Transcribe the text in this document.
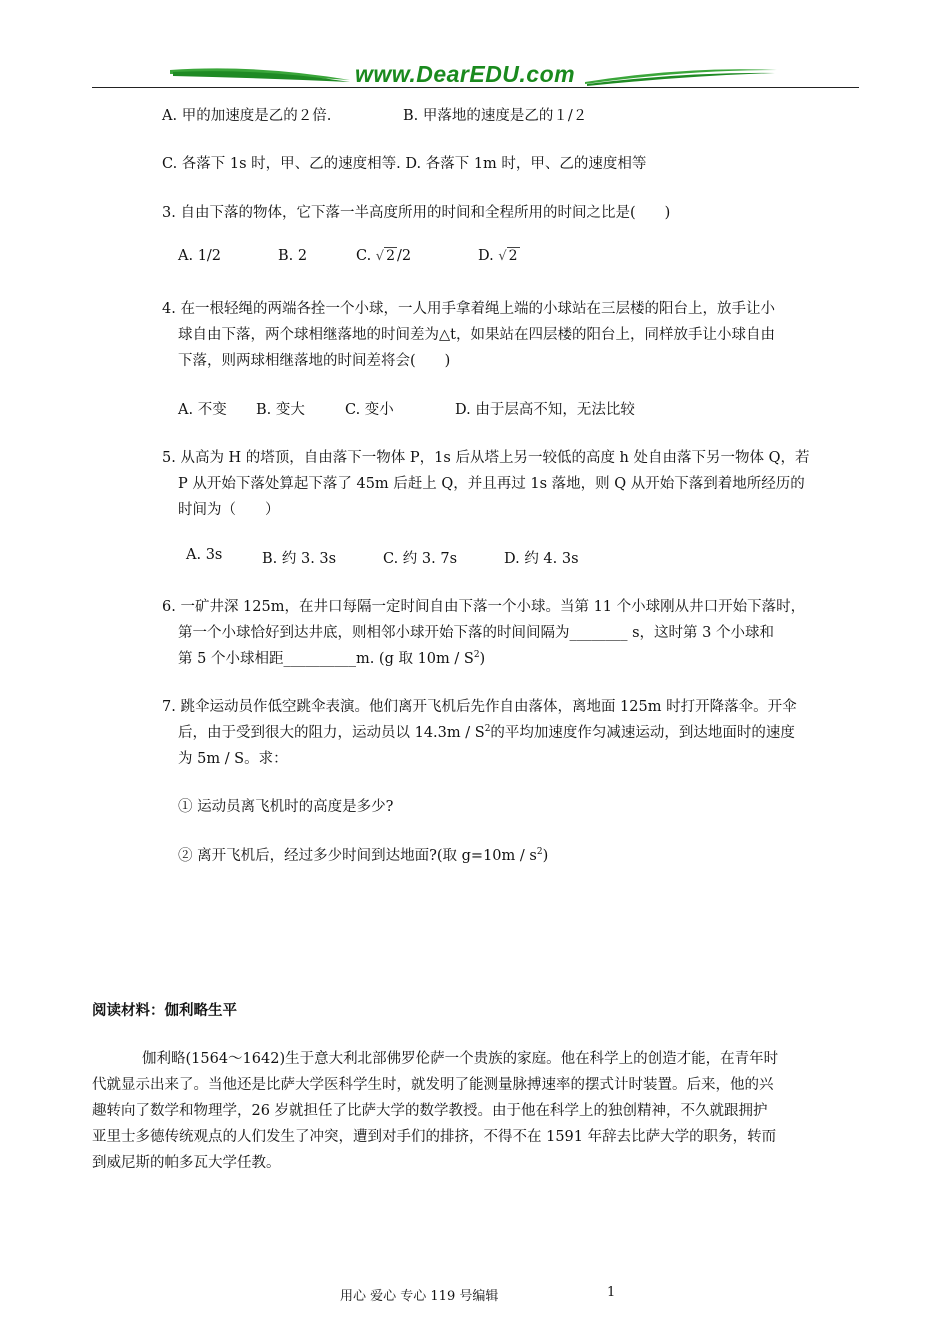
www.DearEDU.com
A. 甲的加速度是乙的２倍.	B. 甲落地的速度是乙的１/２
C. 各落下 1s 时，甲、乙的速度相等. D. 各落下 1m 时，甲、乙的速度相等
3. 自由下落的物体，它下落一半高度所用的时间和全程所用的时间之比是(　　)
A. 1/2	B. 2	C. √ 2 /2	D. √ 2
4. 在一根轻绳的两端各拴一个小球，一人用手拿着绳上端的小球站在三层楼的阳台上，放手让小
球自由下落，两个球相继落地的时间差为△t，如果站在四层楼的阳台上，同样放手让小球自由
下落，则两球相继落地的时间差将会(　　)
A. 不变 B. 变大	C. 变小	D. 由于层高不知，无法比较
5. 从高为 H 的塔顶，自由落下一物体 P，1s 后从塔上另一较低的高度 h 处自由落下另一物体 Q，若
P 从开始下落处算起下落了 45m 后赶上 Q，并且再过 1s 落地，则 Q 从开始下落到着地所经历的
时间为（　　）
A. 3s	B. 约 3. 3s	C. 约 3. 7s	D. 约 4. 3s
6. 一矿井深 125m，在井口每隔一定时间自由下落一个小球。当第 11 个小球刚从井口开始下落时，
第一个小球恰好到达井底，则相邻小球开始下落的时间间隔为________ s，这时第 3 个小球和
第 5 个小球相距__________m. (g 取 $10m / S^2$)
7. 跳伞运动员作低空跳伞表演。他们离开飞机后先作自由落体，离地面 125m 时打开降落伞。开伞
后，由于受到很大的阻力，运动员以 $14.3m / S^2$的平均加速度作匀减速运动，到达地面时的速度
为 5m / S。求：
① 运动员离飞机时的高度是多少?
② 离开飞机后，经过多少时间到达地面?(取 $g=10m / s^2$)
阅读材料：伽利略生平
伽利略(1564～1642)生于意大利北部佛罗伦萨一个贵族的家庭。他在科学上的创造才能，在青年时
代就显示出来了。当他还是比萨大学医科学生时，就发明了能测量脉搏速率的摆式计时装置。后来，他的兴
趣转向了数学和物理学，26 岁就担任了比萨大学的数学教授。由于他在科学上的独创精神，不久就跟拥护
亚里士多德传统观点的人们发生了冲突，遭到对手们的排挤，不得不在 1591 年辞去比萨大学的职务，转而
到威尼斯的帕多瓦大学任教。
用心 爱心 专心 119 号编辑	1
